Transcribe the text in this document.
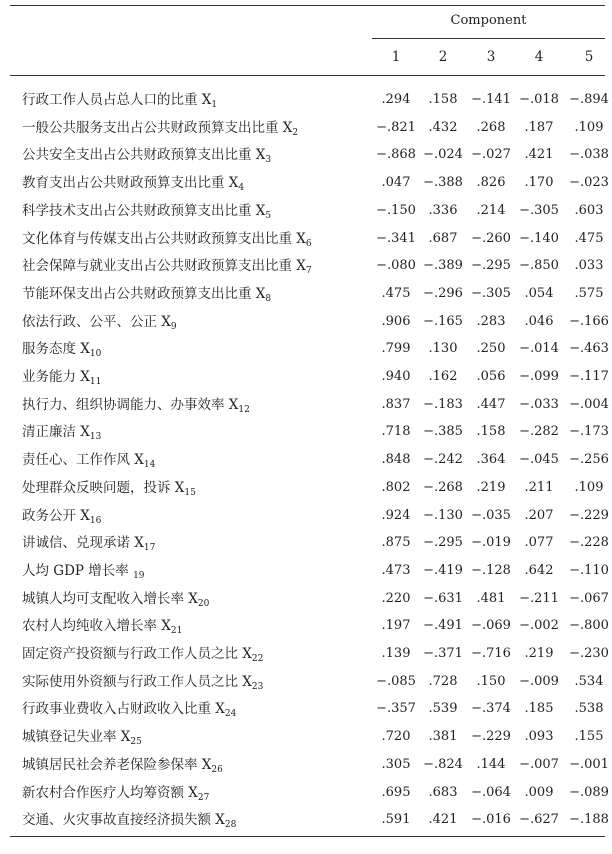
Component
1	2	3	4	5
行政工作人员占总人口的比重 $X_1$	.294	.158	−.141 −.018 −.894
一般公共服务支出占公共财政预算支出比重 $X_2$	−.821 .432	.268	.187	.109
公共安全支出占公共财政预算支出比重 $X_3$	−.868 −.024 −.027	.421	−.038
教育支出占公共财政预算支出比重 $X_4$	.047 −.388	.826	.170	−.023
科学技术支出占公共财政预算支出比重 $X_5$	−.150 .336	.214	−.305	.603
文化体育与传媒支出占公共财政预算支出比重 $X_6$	−.341 .687	−.260 −.140	.475
社会保障与就业支出占公共财政预算支出比重 $X_7$	−.080 −.389 −.295 −.850	.033
节能环保支出占公共财政预算支出比重 $X_8$	.475 −.296 −.305	.054	.575
依法行政、公平、公正 $X_9$	.906 −.165	.283	.046	−.166
服务态度 $X_{10}$	.799	.130	.250	−.014 −.463
业务能力 $X_{11}$	.940	.162	.056	−.099 −.117
执行力、组织协调能力、办事效率 $X_{12}$	.837 −.183	.447	−.033 −.004
清正廉洁 $X_{13}$	.718 −.385	.158	−.282 −.173
责任心、工作作风 $X_{14}$	.848 −.242	.364	−.045 −.256
处理群众反映问题，投诉 $X_{15}$	.802 −.268	.219	.211	.109
政务公开 $X_{16}$	.924 −.130 −.035	.207	−.229
讲诚信、兑现承诺 $X_{17}$	.875 −.295 −.019	.077	−.228
人均 GDP 增长率 $_{19}$	.473 −.419 −.128	.642	−.110
城镇人均可支配收入增长率 $X_{20}$	.220 −.631	.481	−.211 −.067
农村人均纯收入增长率 $X_{21}$	.197 −.491 −.069 −.002 −.800
固定资产投资额与行政工作人员之比 $X_{22}$	.139 −.371 −.716	.219	−.230
实际使用外资额与行政工作人员之比 $X_{23}$	−.085 .728	.150	−.009	.534
行政事业费收入占财政收入比重 $X_{24}$	−.357 .539	−.374	.185	.538
城镇登记失业率 $X_{25}$	.720	.381	−.229	.093	.155
城镇居民社会养老保险参保率 $X_{26}$	.305 −.824	.144	−.007 −.001
新农村合作医疗人均筹资额 $X_{27}$	.695	.683	−.064	.009	−.089
交通、火灾事故直接经济损失额 $X_{28}$	.591	.421	−.016 −.627 −.188
